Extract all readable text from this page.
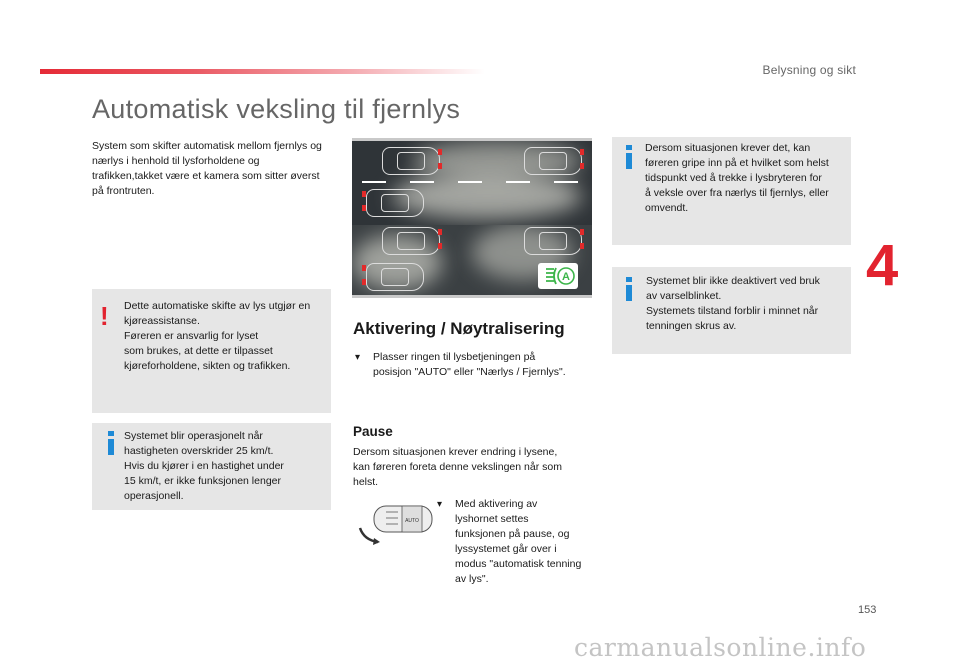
Belysning og sikt
Automatisk veksling til fjernlys
4

System som skifter automatisk mellom fjernlys og nærlys i henhold til lysforholdene og trafikken,takket være et kamera som sitter øverst på frontruten.

! Dette automatiske skifte av lys utgjør en
kjøreassistanse.
Føreren er ansvarlig for lyset
som brukes, at dette er tilpasset
kjøreforholdene, sikten og trafikken.
Systemet blir operasjonelt når
hastigheten overskrider 25 km/t.
Hvis du kjører i en hastighet under
15 km/t, er ikke funksjonen lenger
operasjonell.
A
Aktivering / Nøytralisering
▾ Plasser ringen til lysbetjeningen på
posisjon "AUTO" eller "Nærlys / Fjernlys".
Pause
Dersom situasjonen krever endring i lysene,
kan føreren foreta denne vekslingen når som
helst.
AUTO
▾ Med aktivering av
lyshornet settes
funksjonen på pause, og
lyssystemet går over i
modus "automatisk tenning
av lys".
Dersom situasjonen krever det, kan
føreren gripe inn på et hvilket som helst
tidspunkt ved å trekke i lysbryteren for
å veksle over fra nærlys til fjernlys, eller
omvendt.
Systemet blir ikke deaktivert ved bruk
av varselblinket.
Systemets tilstand forblir i minnet når
tenningen skrus av.
153
carmanualsonline.info
